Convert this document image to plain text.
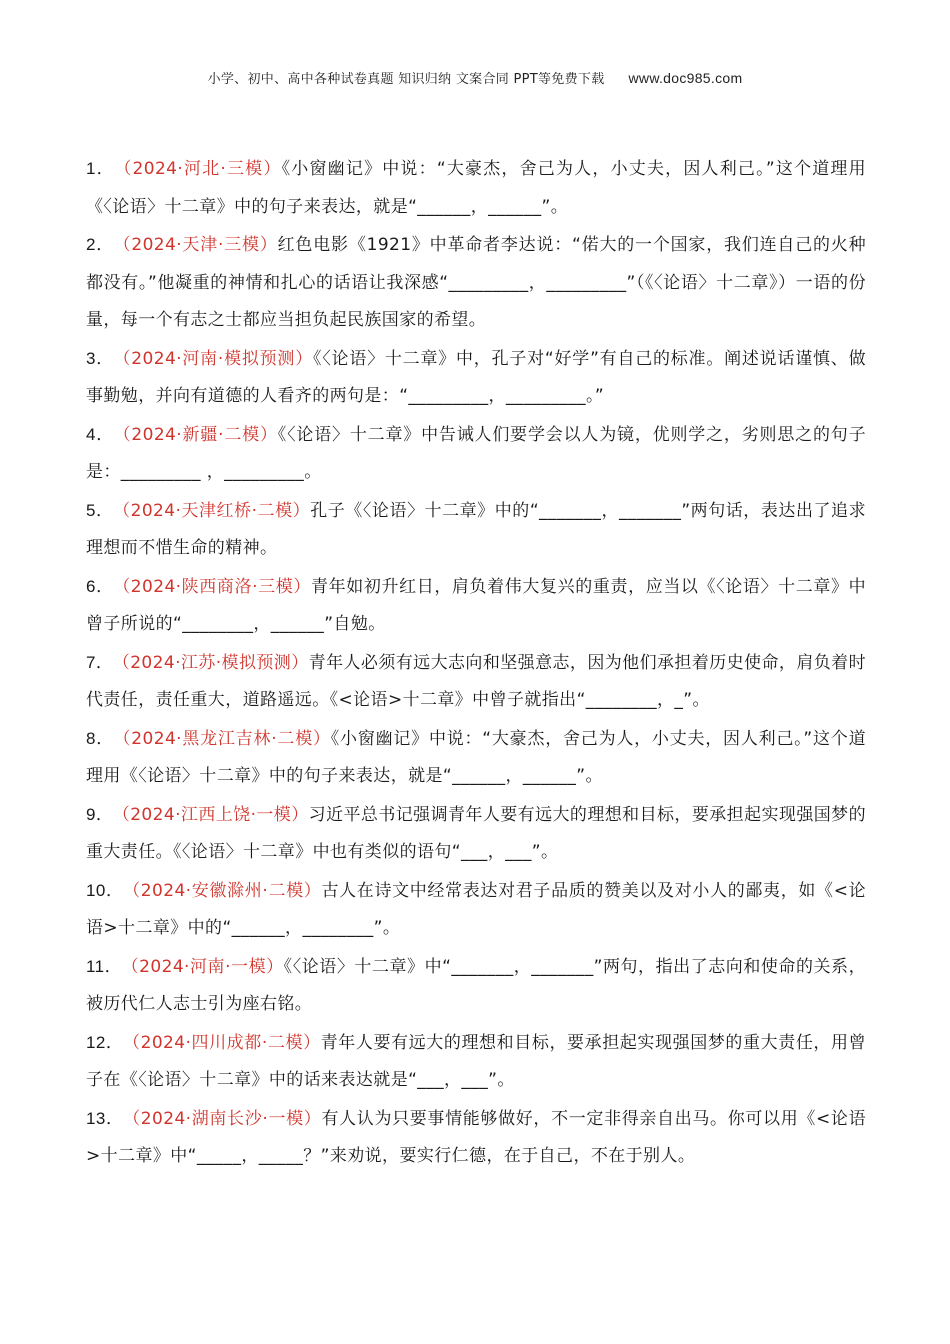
小学、初中、高中各种试卷真题 知识归纳 文案合同 PPT等免费下载 www.doc985.com

1． （2024·河北·三模）《小窗幽记》中说：“大豪杰，舍己为人，小丈夫，因人利己。”这个道理用《〈论语〉十二章》中的句子来表达，就是“______，______”。

2． （2024·天津·三模）红色电影《1921》中革命者李达说：“偌大的一个国家，我们连自己的火种都没有。”他凝重的神情和扎心的话语让我深感“_________，_________”（《〈论语〉十二章》）一语的份量，每一个有志之士都应当担负起民族国家的希望。

3． （2024·河南·模拟预测）《〈论语〉十二章》中，孔子对“好学”有自己的标准。阐述说话谨慎、做事勤勉，并向有道德的人看齐的两句是：“_________，_________。”

4． （2024·新疆·二模）《〈论语〉十二章》中告诫人们要学会以人为镜，优则学之，劣则思之的句子是：_________ ，_________。

5． （2024·天津红桥·二模）孔子《〈论语〉十二章》中的“_______，_______”两句话，表达出了追求理想而不惜生命的精神。

6． （2024·陕西商洛·三模）青年如初升红日，肩负着伟大复兴的重责，应当以《〈论语〉十二章》中曾子所说的“________，______”自勉。

7． （2024·江苏·模拟预测）青年人必须有远大志向和坚强意志，因为他们承担着历史使命，肩负着时代责任，责任重大，道路遥远。《<论语>十二章》中曾子就指出“________，_”。

8． （2024·黑龙江吉林·二模）《小窗幽记》中说：“大豪杰，舍己为人，小丈夫，因人利己。”这个道理用《〈论语〉十二章》中的句子来表达，就是“______，______”。

9． （2024·江西上饶·一模）习近平总书记强调青年人要有远大的理想和目标，要承担起实现强国梦的重大责任。《〈论语〉十二章》中也有类似的语句“___，___”。

10． （2024·安徽滁州·二模）古人在诗文中经常表达对君子品质的赞美以及对小人的鄙夷，如《<论语>十二章》中的“______，________”。

11． （2024·河南·一模）《〈论语〉十二章》中“_______，_______”两句，指出了志向和使命的关系，被历代仁人志士引为座右铭。

12． （2024·四川成都·二模）青年人要有远大的理想和目标，要承担起实现强国梦的重大责任，用曾子在《〈论语〉十二章》中的话来表达就是“___，___”。

13． （2024·湖南长沙·一模）有人认为只要事情能够做好，不一定非得亲自出马。你可以用《<论语>十二章》中“_____，_____？”来劝说，要实行仁德，在于自己，不在于别人。
